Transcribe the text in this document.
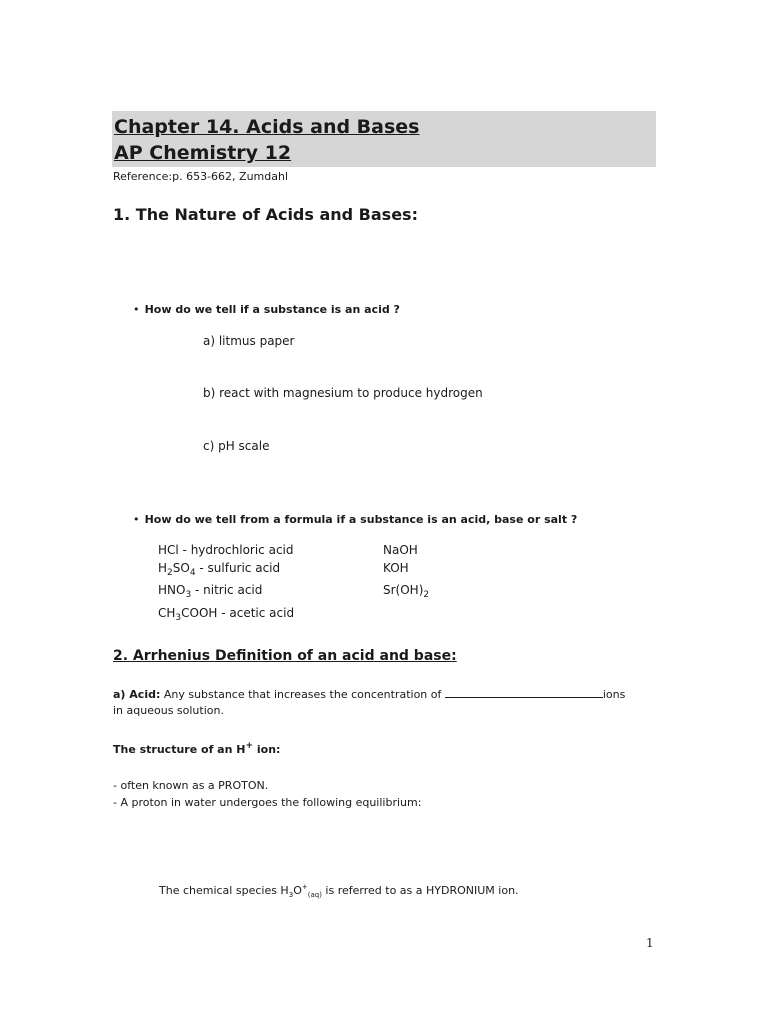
Chapter 14. Acids and Bases
AP Chemistry 12
Reference:p. 653-662, Zumdahl
1. The Nature of Acids and Bases:
• How do we tell if a substance is an acid ?
a) litmus paper
b) react with magnesium to produce hydrogen
c) pH scale
• How do we tell from a formula if a substance is an acid, base or salt ?
HCl - hydrochloric acid
$H_2SO_4$ - sulfuric acid
$HNO_3$ - nitric acid
$CH_3COOH$ - acetic acid
NaOH
KOH
$Sr(OH)_2$
2. Arrhenius Definition of an acid and base:
a) Acid: Any substance that increases the concentration of	ions
in aqueous solution.
The structure of an H+ ion:
- often known as a PROTON.
- A proton in water undergoes the following equilibrium:
The chemical species $H_3O^+_{(aq)}$ is referred to as a HYDRONIUM ion.
1
